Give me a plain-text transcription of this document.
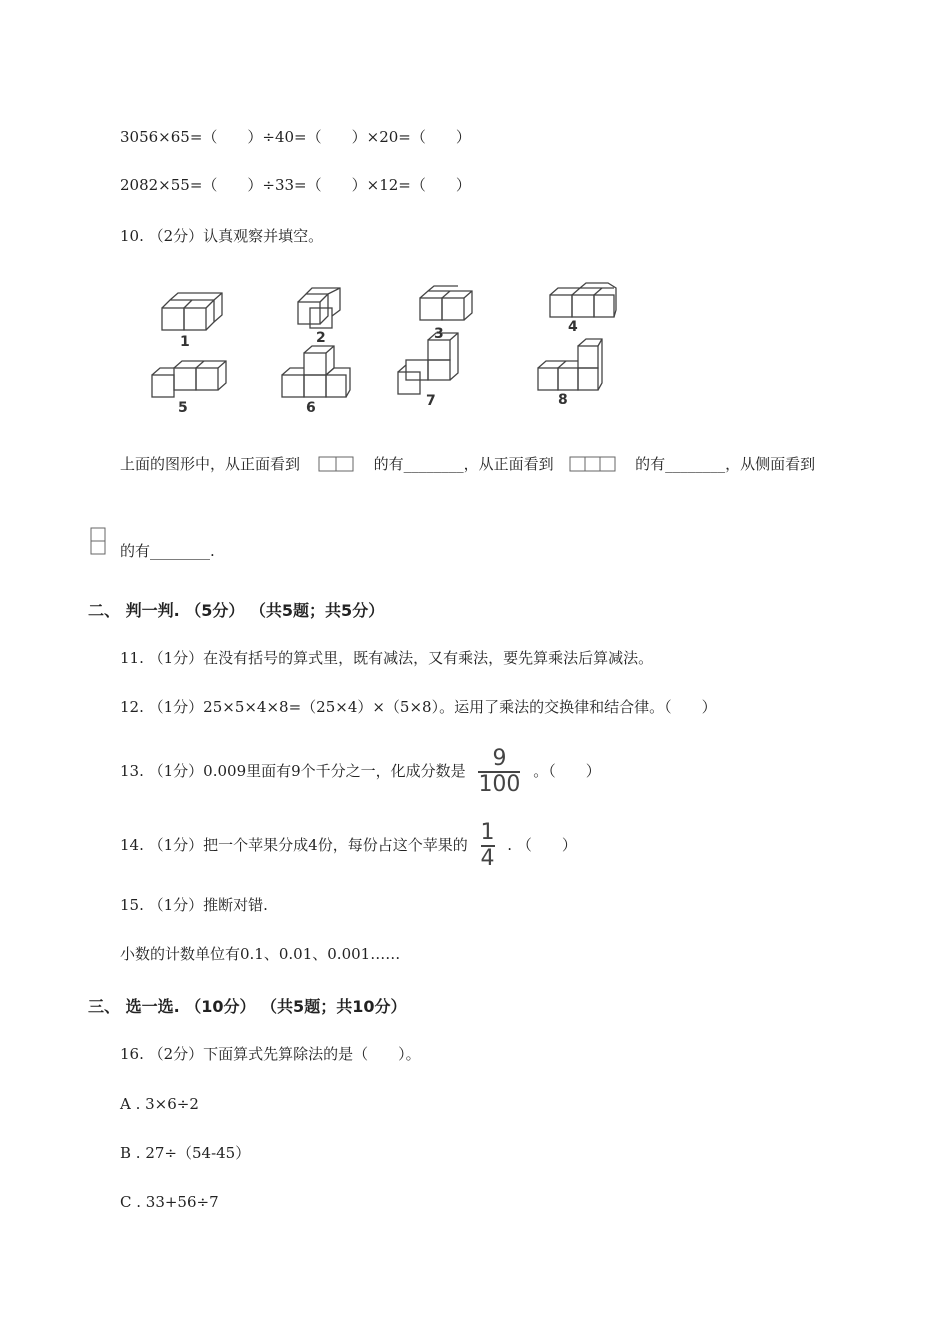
3056×65=（　　）÷40=（　　）×20=（　　）
2082×55=（　　）÷33=（　　）×12=（　　）
10. （2分）认真观察并填空。
1	2	3	4
5	6	7	8
上面的图形中，从正面看到	的有________，从正面看到	的有________，从侧面看到
的有________.
二、 判一判. （5分） （共5题；共5分）
11. （1分）在没有括号的算式里，既有减法，又有乘法，要先算乘法后算减法。
12. （1分）25×5×4×8=（25×4）×（5×8）。运用了乘法的交换律和结合律。（　　）
13. （1分）0.009里面有9个千分之一，化成分数是 $\frac{9}{100}$ 。（　　）
14. （1分）把一个苹果分成4份，每份占这个苹果的 $\frac{1}{4}$ . （　　）
15. （1分）推断对错.
小数的计数单位有0.1、0.01、0.001……
三、 选一选. （10分） （共5题；共10分）
16. （2分）下面算式先算除法的是（　　）。
A . 3×6÷2
B . 27÷（54-45）
C . 33+56÷7
